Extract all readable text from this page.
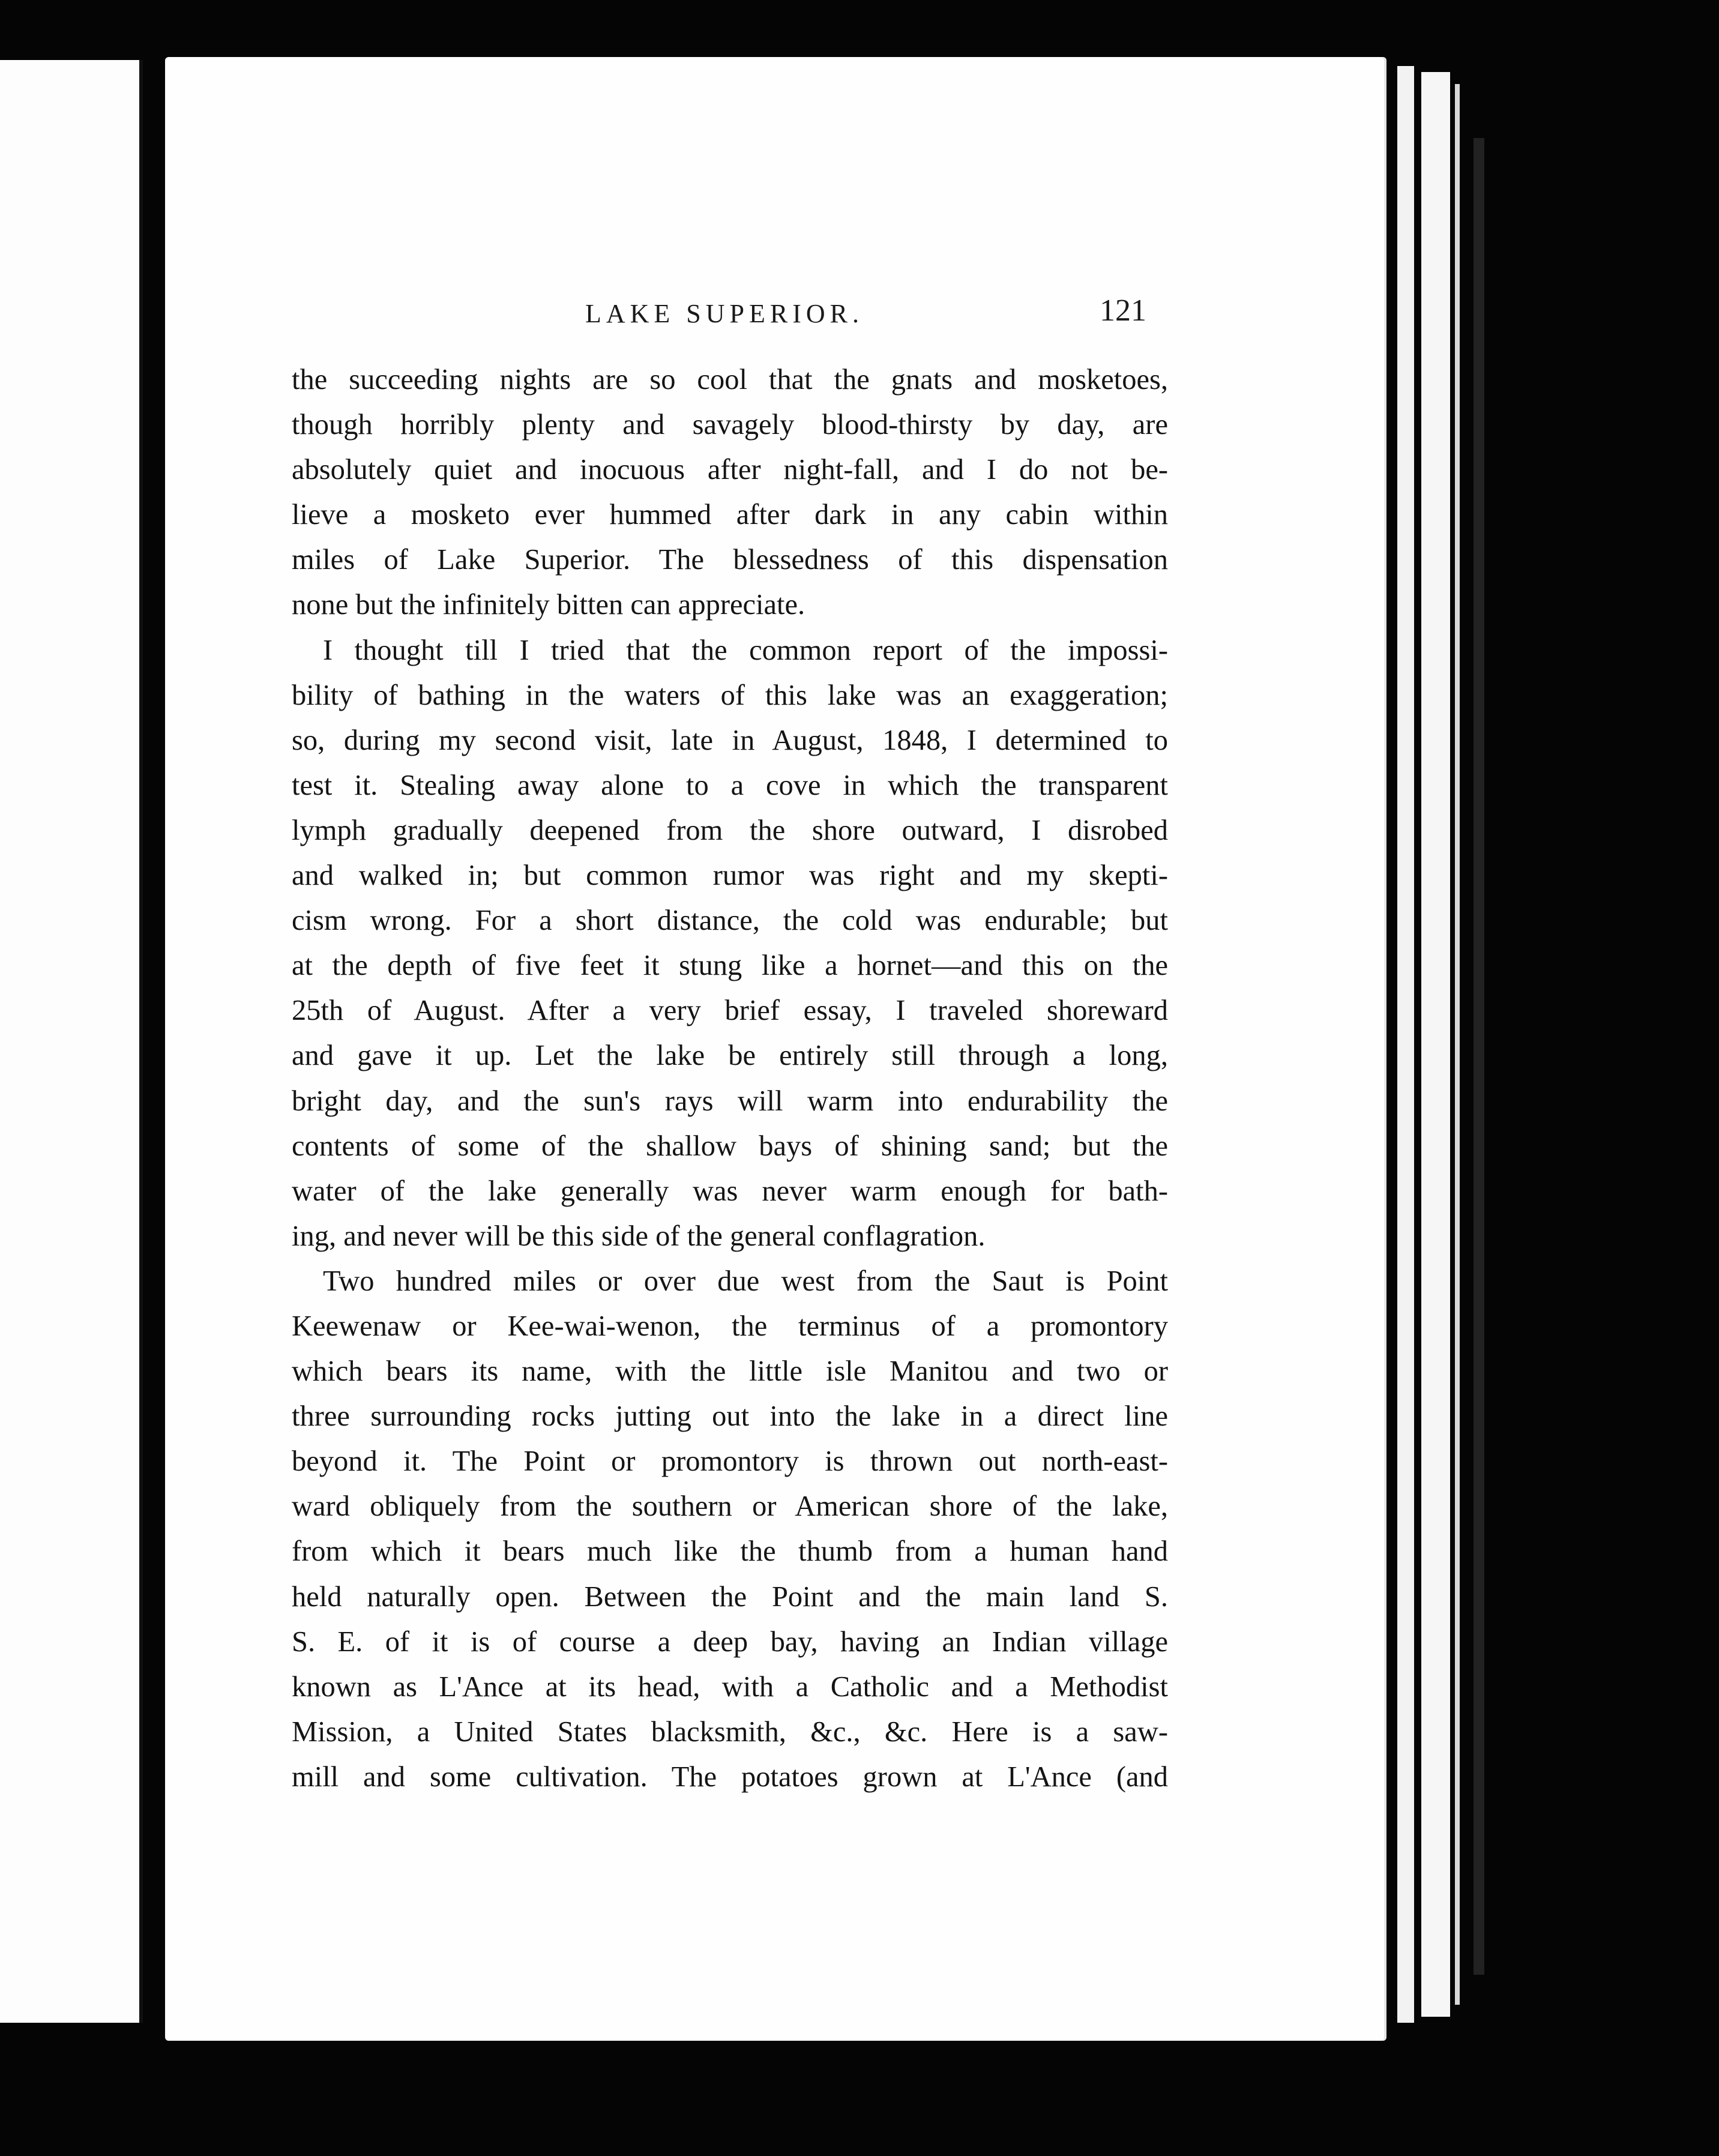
LAKE SUPERIOR.	121
the succeeding nights are so cool that the gnats and mosketoes,
though horribly plenty and savagely blood-thirsty by day, are
absolutely quiet and inocuous after night-fall, and I do not be-
lieve a mosketo ever hummed after dark in any cabin within
miles of Lake Superior. The blessedness of this dispensation
none but the infinitely bitten can appreciate.
I thought till I tried that the common report of the impossi-
bility of bathing in the waters of this lake was an exaggeration;
so, during my second visit, late in August, 1848, I determined to
test it. Stealing away alone to a cove in which the transparent
lymph gradually deepened from the shore outward, I disrobed
and walked in; but common rumor was right and my skepti-
cism wrong. For a short distance, the cold was endurable; but
at the depth of five feet it stung like a hornet—and this on the
25th of August. After a very brief essay, I traveled shoreward
and gave it up. Let the lake be entirely still through a long,
bright day, and the sun's rays will warm into endurability the
contents of some of the shallow bays of shining sand; but the
water of the lake generally was never warm enough for bath-
ing, and never will be this side of the general conflagration.
Two hundred miles or over due west from the Saut is Point
Keewenaw or Kee-wai-wenon, the terminus of a promontory
which bears its name, with the little isle Manitou and two or
three surrounding rocks jutting out into the lake in a direct line
beyond it. The Point or promontory is thrown out north-east-
ward obliquely from the southern or American shore of the lake,
from which it bears much like the thumb from a human hand
held naturally open. Between the Point and the main land S.
S. E. of it is of course a deep bay, having an Indian village
known as L'Ance at its head, with a Catholic and a Methodist
Mission, a United States blacksmith, &c., &c. Here is a saw-
mill and some cultivation. The potatoes grown at L'Ance (and
